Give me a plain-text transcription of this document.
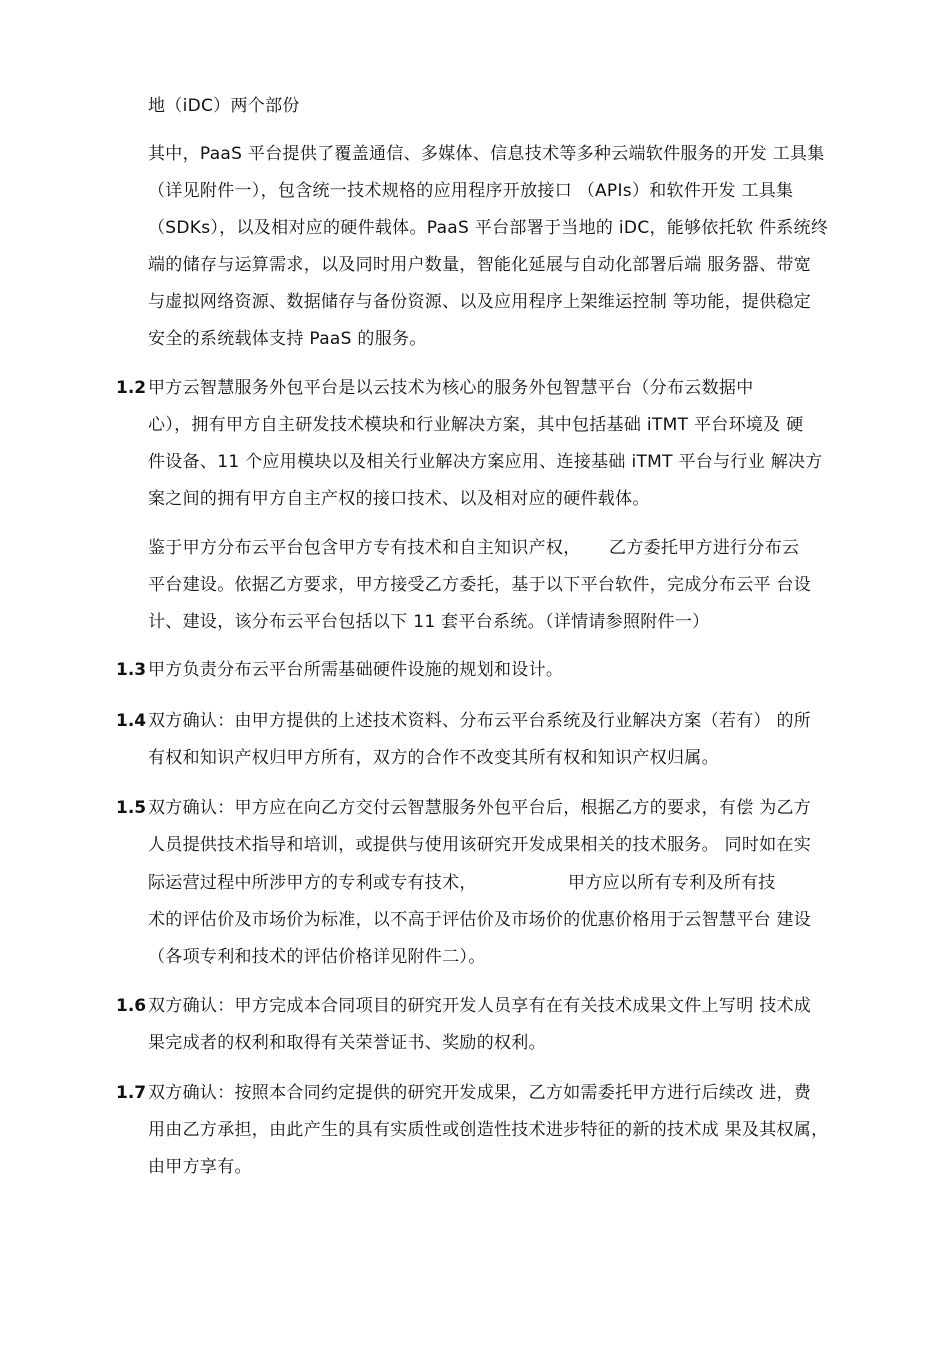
地（iDC）两个部份
其中，PaaS 平台提供了覆盖通信、多媒体、信息技术等多种云端软件服务的开发 工具集
（详见附件一），包含统一技术规格的应用程序开放接口 （APIs）和软件开发 工具集
（SDKs），以及相对应的硬件载体。PaaS 平台部署于当地的 iDC，能够依托软 件系统终
端的储存与运算需求，以及同时用户数量，智能化延展与自动化部署后端 服务器、带宽
与虚拟网络资源、数据储存与备份资源、以及应用程序上架维运控制 等功能，提供稳定
安全的系统载体支持 PaaS 的服务。
1.2 甲方云智慧服务外包平台是以云技术为核心的服务外包智慧平台（分布云数据中
心），拥有甲方自主研发技术模块和行业解决方案，其中包括基础 iTMT 平台环境及 硬
件设备、11 个应用模块以及相关行业解决方案应用、连接基础 iTMT 平台与行业 解决方
案之间的拥有甲方自主产权的接口技术、以及相对应的硬件载体。
鉴于甲方分布云平台包含甲方专有技术和自主知识产权，     乙方委托甲方进行分布云
平台建设。依据乙方要求，甲方接受乙方委托，基于以下平台软件，完成分布云平 台设
计、建设，该分布云平台包括以下 11 套平台系统。（详情请参照附件一）
1.3 甲方负责分布云平台所需基础硬件设施的规划和设计。
1.4 双方确认：由甲方提供的上述技术资料、分布云平台系统及行业解决方案（若有） 的所
有权和知识产权归甲方所有，双方的合作不改变其所有权和知识产权归属。
1.5 双方确认：甲方应在向乙方交付云智慧服务外包平台后，根据乙方的要求，有偿 为乙方
人员提供技术指导和培训，或提供与使用该研究开发成果相关的技术服务。 同时如在实
际运营过程中所涉甲方的专利或专有技术，                甲方应以所有专利及所有技
术的评估价及市场价为标准，以不高于评估价及市场价的优惠价格用于云智慧平台 建设
（各项专利和技术的评估价格详见附件二）。
1.6 双方确认：甲方完成本合同项目的研究开发人员享有在有关技术成果文件上写明 技术成
果完成者的权利和取得有关荣誉证书、奖励的权利。
1.7 双方确认：按照本合同约定提供的研究开发成果，乙方如需委托甲方进行后续改 进，费
用由乙方承担，由此产生的具有实质性或创造性技术进步特征的新的技术成 果及其权属，
由甲方享有。
